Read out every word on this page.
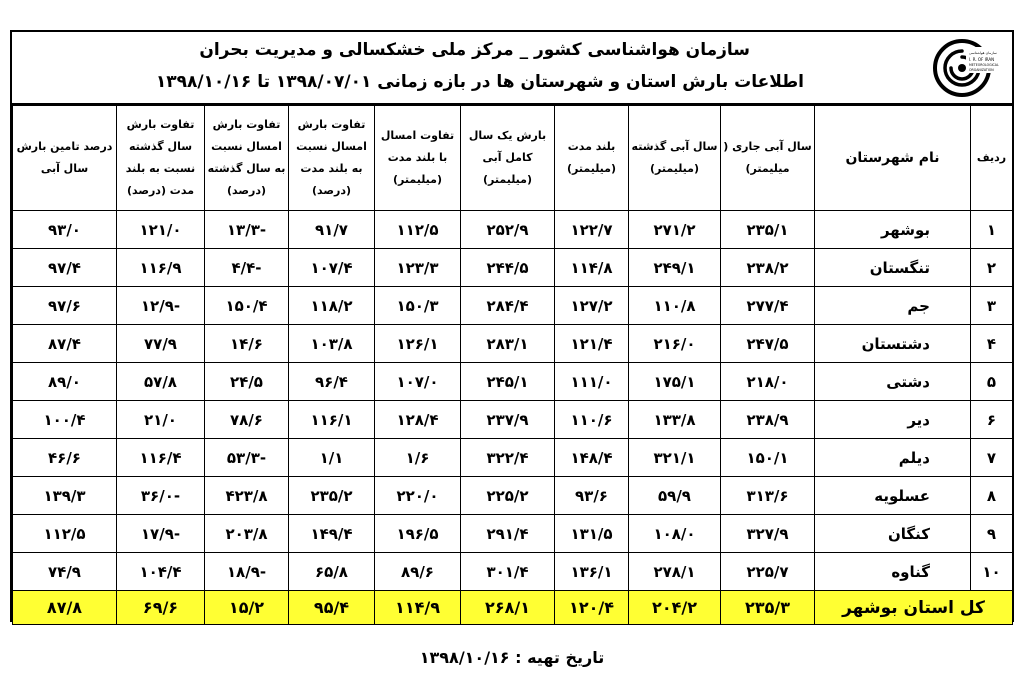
سازمان هواشناسی کشور _ مرکز ملی خشکسالی و مدیریت بحران
اطلاعات بارش استان و شهرستان ها در بازه زمانی ۱۳۹۸/۰۷/۰۱ تا ۱۳۹۸/۱۰/۱۶
سازمان هواشناسی
I. R. OF IRAN
METEOROLOGICAL
ORGANIZATION
ردیف	نام شهرستان	سال آبی جاری ( میلیمتر)	سال آبی گذشته (میلیمتر)	بلند مدت (میلیمتر)	بارش یک سال کامل آبی (میلیمتر)	تفاوت امسال با بلند مدت (میلیمتر)	تفاوت بارش امسال نسبت به بلند مدت (درصد)	تفاوت بارش امسال نسبت به سال گذشته (درصد)	تفاوت بارش سال گذشته نسبت به بلند مدت (درصد)	درصد تامین بارش سال آبی
۱	بوشهر	۲۳۵/۱	۲۷۱/۲	۱۲۲/۷	۲۵۲/۹	۱۱۲/۵	۹۱/۷	-۱۳/۳	۱۲۱/۰	۹۳/۰
۲	تنگستان	۲۳۸/۲	۲۴۹/۱	۱۱۴/۸	۲۴۴/۵	۱۲۳/۳	۱۰۷/۴	-۴/۴	۱۱۶/۹	۹۷/۴
۳	جم	۲۷۷/۴	۱۱۰/۸	۱۲۷/۲	۲۸۴/۴	۱۵۰/۳	۱۱۸/۲	۱۵۰/۴	-۱۲/۹	۹۷/۶
۴	دشتستان	۲۴۷/۵	۲۱۶/۰	۱۲۱/۴	۲۸۳/۱	۱۲۶/۱	۱۰۳/۸	۱۴/۶	۷۷/۹	۸۷/۴
۵	دشتی	۲۱۸/۰	۱۷۵/۱	۱۱۱/۰	۲۴۵/۱	۱۰۷/۰	۹۶/۴	۲۴/۵	۵۷/۸	۸۹/۰
۶	دیر	۲۳۸/۹	۱۳۳/۸	۱۱۰/۶	۲۳۷/۹	۱۲۸/۴	۱۱۶/۱	۷۸/۶	۲۱/۰	۱۰۰/۴
۷	دیلم	۱۵۰/۱	۳۲۱/۱	۱۴۸/۴	۳۲۲/۴	۱/۶	۱/۱	-۵۳/۳	۱۱۶/۴	۴۶/۶
۸	عسلویه	۳۱۳/۶	۵۹/۹	۹۳/۶	۲۲۵/۲	۲۲۰/۰	۲۳۵/۲	۴۲۳/۸	-۳۶/۰	۱۳۹/۳
۹	کنگان	۳۲۷/۹	۱۰۸/۰	۱۳۱/۵	۲۹۱/۴	۱۹۶/۵	۱۴۹/۴	۲۰۳/۸	-۱۷/۹	۱۱۲/۵
۱۰	گناوه	۲۲۵/۷	۲۷۸/۱	۱۳۶/۱	۳۰۱/۴	۸۹/۶	۶۵/۸	-۱۸/۹	۱۰۴/۴	۷۴/۹
کل استان بوشهر		۲۳۵/۳	۲۰۴/۲	۱۲۰/۴	۲۶۸/۱	۱۱۴/۹	۹۵/۴	۱۵/۲	۶۹/۶	۸۷/۸
تاریخ تهیه : ۱۳۹۸/۱۰/۱۶
